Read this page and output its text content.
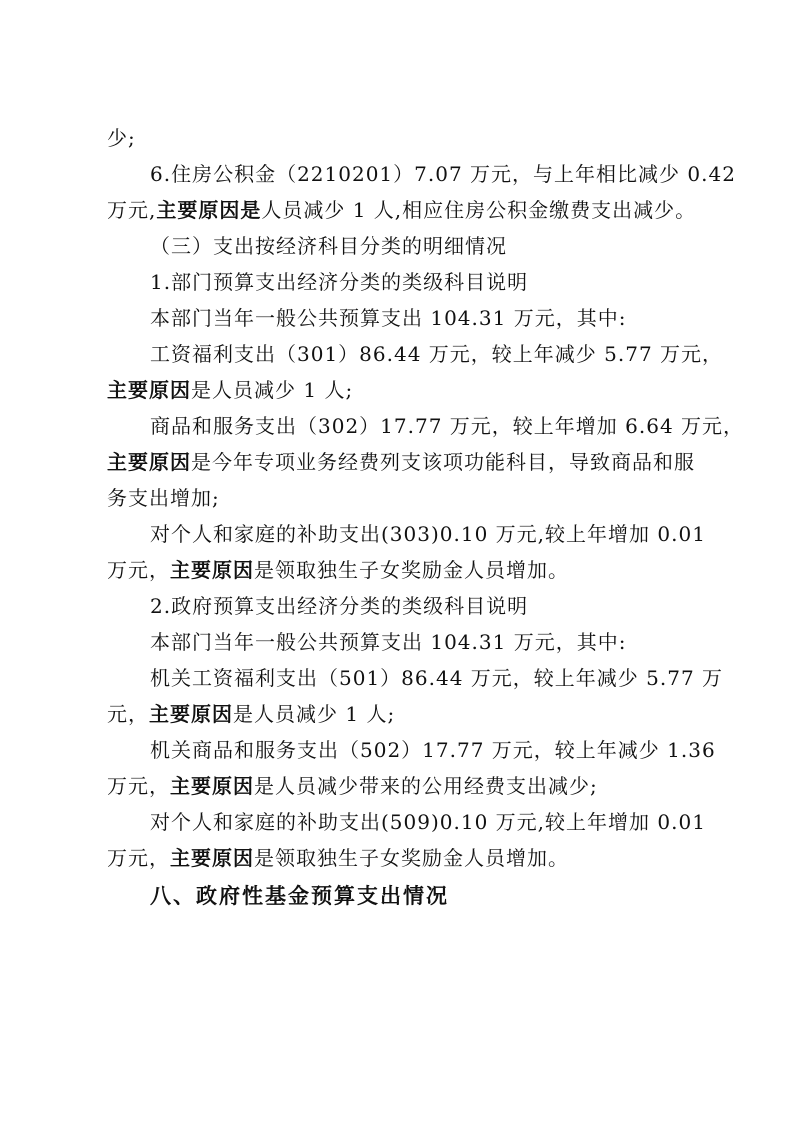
少;
6.住房公积金（2210201）7.07 万元，与上年相比减少 0.42
万元,主要原因是人员减少 1 人,相应住房公积金缴费支出减少。
（三）支出按经济科目分类的明细情况
1.部门预算支出经济分类的类级科目说明
本部门当年一般公共预算支出 104.31 万元，其中:
工资福利支出（301）86.44 万元，较上年减少 5.77 万元，
主要原因是人员减少 1 人;
商品和服务支出（302）17.77 万元，较上年增加 6.64 万元，
主要原因是今年专项业务经费列支该项功能科目，导致商品和服
务支出增加;
对个人和家庭的补助支出(303)0.10 万元,较上年增加 0.01
万元，主要原因是领取独生子女奖励金人员增加。
2.政府预算支出经济分类的类级科目说明
本部门当年一般公共预算支出 104.31 万元，其中:
机关工资福利支出（501）86.44 万元，较上年减少 5.77 万
元，主要原因是人员减少 1 人;
机关商品和服务支出（502）17.77 万元，较上年减少 1.36
万元，主要原因是人员减少带来的公用经费支出减少;
对个人和家庭的补助支出(509)0.10 万元,较上年增加 0.01
万元，主要原因是领取独生子女奖励金人员增加。
八、政府性基金预算支出情况
